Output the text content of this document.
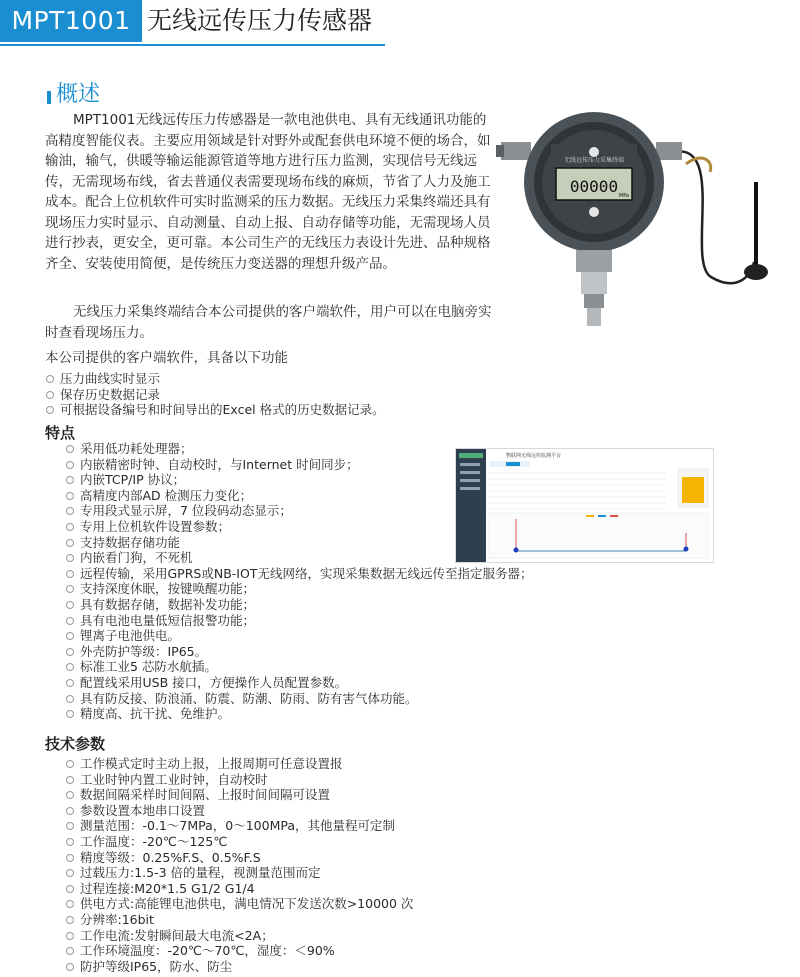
MPT1001 无线远传压力传感器
概述
MPT1001无线远传压力传感器是一款电池供电、具有无线通讯功能的高精度智能仪表。主要应用领域是针对野外或配套供电环境不便的场合，如输油，输气，供暖等输运能源管道等地方进行压力监测，实现信号无线远传，无需现场布线，省去普通仪表需要现场布线的麻烦，节省了人力及施工成本。配合上位机软件可实时监测采的压力数据。无线压力采集终端还具有现场压力实时显示、自动测量、自动上报、自动存储等功能，无需现场人员进行抄表，更安全，更可靠。本公司生产的无线压力表设计先进、品种规格齐全、安装使用简便，是传统压力变送器的理想升级产品。
无线压力采集终端结合本公司提供的客户端软件，用户可以在电脑旁实时查看现场压力。
无线远传压力采集终端
00000 MPa
本公司提供的客户端软件，具备以下功能
压力曲线实时显示
保存历史数据记录
可根据设备编号和时间导出的Excel 格式的历史数据记录。
特点
采用低功耗处理器；
内嵌精密时钟、自动校时，与Internet 时间同步；
内嵌TCP/IP 协议；
高精度内部AD 检测压力变化；
专用段式显示屏，7 位段码动态显示；
专用上位机软件设置参数；
支持数据存储功能
内嵌看门狗，不死机
远程传输，采用GPRS或NB-IOT无线网络，实现采集数据无线远传至指定服务器；
支持深度休眠，按键唤醒功能；
具有数据存储，数据补发功能；
具有电池电量低短信报警功能；
锂离子电池供电。
外壳防护等级：IP65。
标准工业5 芯防水航插。
配置线采用USB 接口，方便操作人员配置参数。
具有防反接、防浪涌、防震、防潮、防雨、防有害气体功能。
精度高、抗干扰、免维护。
物联网无线远传监测平台
技术参数
工作模式定时主动上报，上报周期可任意设置报
工业时钟内置工业时钟，自动校时
数据间隔采样时间间隔、上报时间间隔可设置
参数设置本地串口设置
测量范围：-0.1～7MPa，0～100MPa，其他量程可定制
工作温度：-20℃～125℃
精度等级：0.25%F.S、0.5%F.S
过载压力:1.5-3 倍的量程，视测量范围而定
过程连接:M20*1.5 G1/2 G1/4
供电方式:高能锂电池供电，满电情况下发送次数>10000 次
分辨率:16bit
工作电流:发射瞬间最大电流<2A；
工作环境温度：-20℃～70℃，湿度：＜90%
防护等级IP65，防水、防尘
